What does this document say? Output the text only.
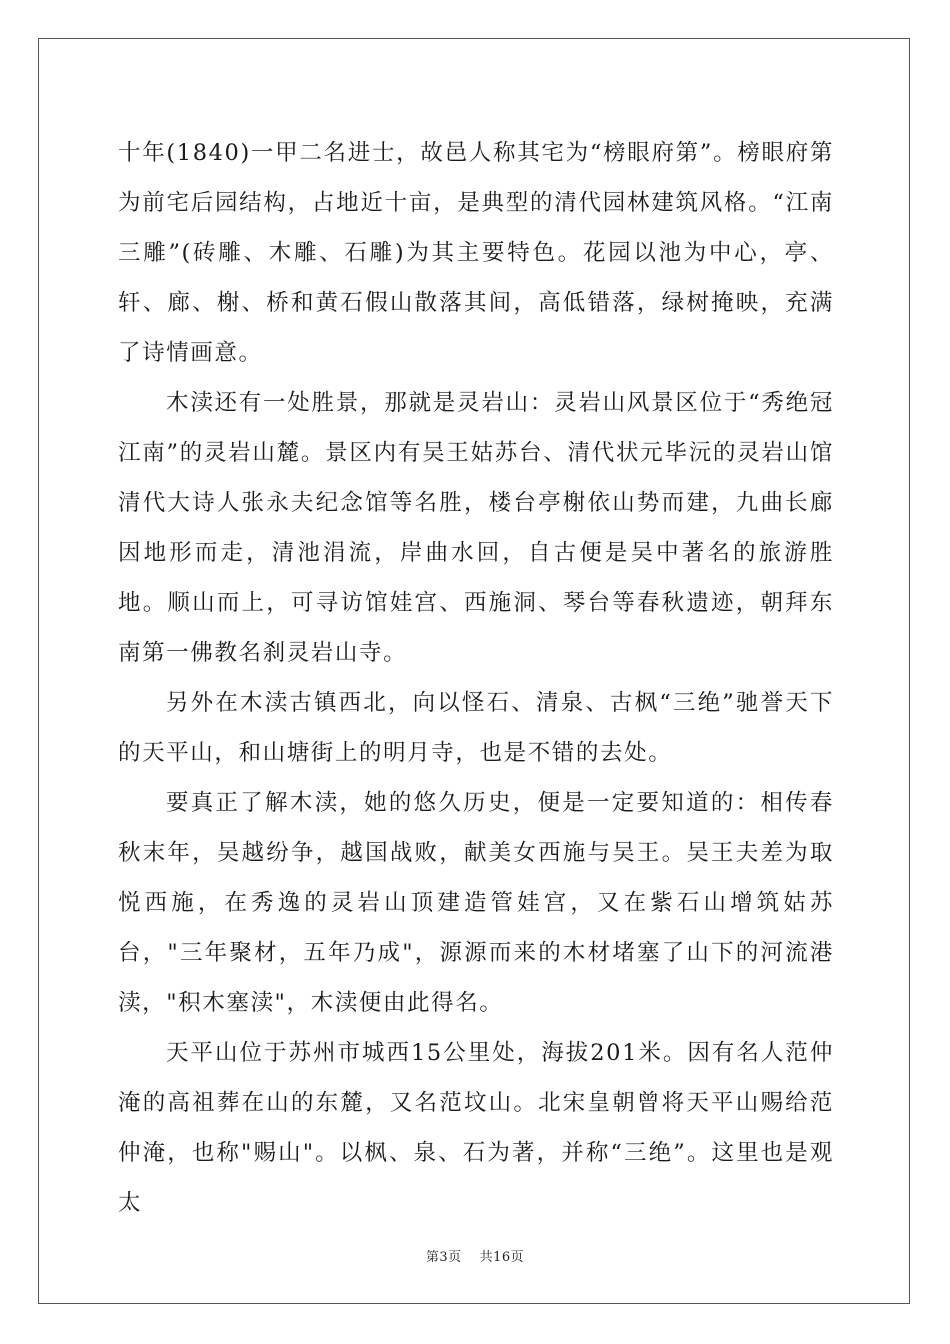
十年(1840)一甲二名进士，故邑人称其宅为“榜眼府第”。榜眼府第为前宅后园结构，占地近十亩，是典型的清代园林建筑风格。“江南三雕”(砖雕、木雕、石雕)为其主要特色。花园以池为中心，亭、轩、廊、榭、桥和黄石假山散落其间，高低错落，绿树掩映，充满了诗情画意。

木渎还有一处胜景，那就是灵岩山：灵岩山风景区位于“秀绝冠江南”的灵岩山麓。景区内有吴王姑苏台、清代状元毕沅的灵岩山馆清代大诗人张永夫纪念馆等名胜，楼台亭榭依山势而建，九曲长廊因地形而走，清池涓流，岸曲水回，自古便是吴中著名的旅游胜地。顺山而上，可寻访馆娃宫、西施洞、琴台等春秋遗迹，朝拜东南第一佛教名刹灵岩山寺。

另外在木渎古镇西北，向以怪石、清泉、古枫“三绝”驰誉天下的天平山，和山塘街上的明月寺，也是不错的去处。

要真正了解木渎，她的悠久历史，便是一定要知道的：相传春秋末年，吴越纷争，越国战败，献美女西施与吴王。吴王夫差为取悦西施，在秀逸的灵岩山顶建造管娃宫，又在紫石山增筑姑苏台，"三年聚材，五年乃成"，源源而来的木材堵塞了山下的河流港渎，"积木塞渎"，木渎便由此得名。

天平山位于苏州市城西15公里处，海拔201米。因有名人范仲淹的高祖葬在山的东麓，又名范坟山。北宋皇朝曾将天平山赐给范仲淹，也称"赐山"。以枫、泉、石为著，并称“三绝”。这里也是观太

第3页 共16页
